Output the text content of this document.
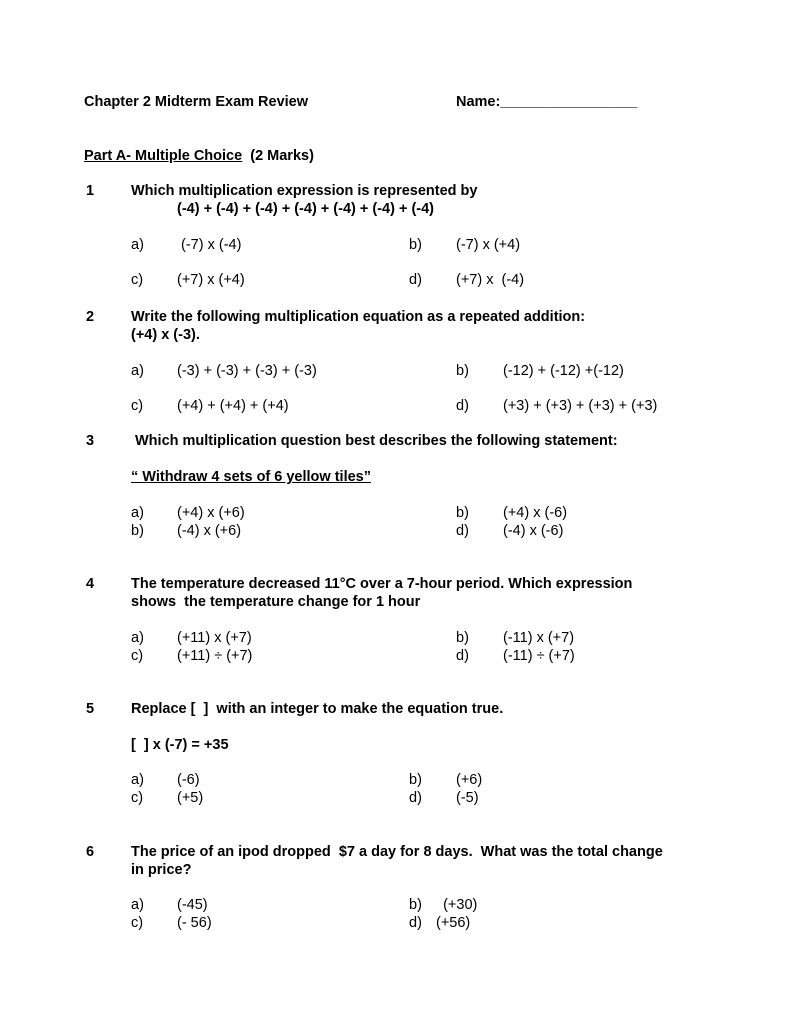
Chapter 2 Midterm Exam Review	Name:_________________
Part A- Multiple Choice (2 Marks)
1	Which multiplication expression is represented by
(-4) + (-4) + (-4) + (-4) + (-4) + (-4) + (-4)
a) (-7) x (-4)	b) (-7) x (+4)
c) (+7) x (+4)	d) (+7) x  (-4)
2	Write the following multiplication equation as a repeated addition:
(+4) x (-3).
a) (-3) + (-3) + (-3) + (-3)	b) (-12) + (-12) +(-12)
c) (+4) + (+4) + (+4)	d) (+3) + (+3) + (+3) + (+3)
3	Which multiplication question best describes the following statement:
“ Withdraw 4 sets of 6 yellow tiles”
a) (+4) x (+6)	b) (+4) x (-6)
b) (-4) x (+6)	d) (-4) x (-6)
4	The temperature decreased 11°C over a 7-hour period. Which expression
shows  the temperature change for 1 hour
a) (+11) x (+7)	b) (-11) x (+7)
c) (+11) ÷ (+7)	d) (-11) ÷ (+7)
5	Replace [  ]  with an integer to make the equation true.
[  ] x (-7) = +35
a) (-6)	b) (+6)
c) (+5)	d) (-5)
6	The price of an ipod dropped  $7 a day for 8 days.  What was the total change
in price?
a) (-45)	b) (+30)
c) (- 56)	d) (+56)
